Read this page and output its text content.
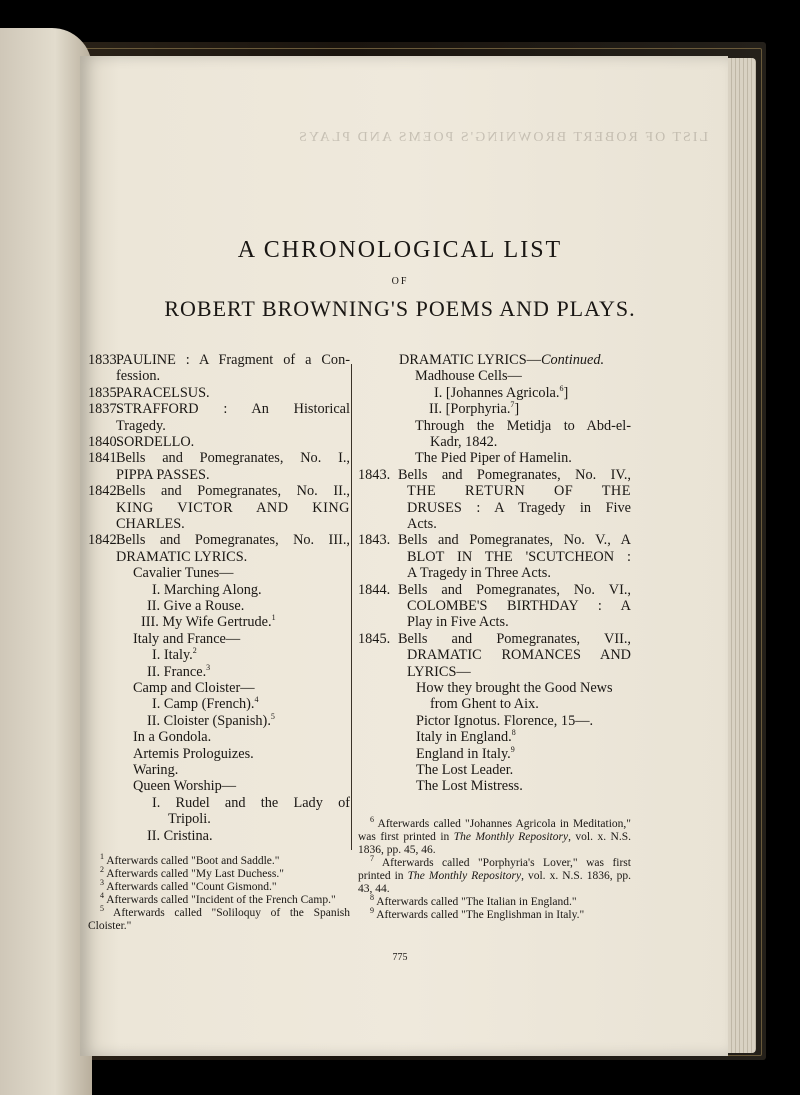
LIST OF ROBERT BROWNING'S POEMS AND PLAYS
A CHRONOLOGICAL LIST
OF
ROBERT BROWNING'S POEMS AND PLAYS.
1833.
PAULINE : A Fragment of a Con-
fession.
1835.
PARACELSUS.
1837.
STRAFFORD : An Historical
Tragedy.
1840.
SORDELLO.
1841.
Bells and Pomegranates, No. I.,
PIPPA PASSES.
1842.
Bells and Pomegranates, No. II.,
KING VICTOR AND KING
CHARLES.
1842.
Bells and Pomegranates, No. III.,
DRAMATIC LYRICS.
Cavalier Tunes—
I. Marching Along.
II. Give a Rouse.
III. My Wife Gertrude.$^1$
Italy and France—
I. Italy.$^2$
II. France.$^3$
Camp and Cloister—
I. Camp (French).$^4$
II. Cloister (Spanish).$^5$
In a Gondola.
Artemis Prologuizes.
Waring.
Queen Worship—
I. Rudel and the Lady of
Tripoli.
II. Cristina.
DRAMATIC LYRICS—Continued.
Madhouse Cells—
I. [Johannes Agricola.$^6$]
II. [Porphyria.$^7$]
Through the Metidja to Abd-el-
Kadr, 1842.
The Pied Piper of Hamelin.
1843. Bells and Pomegranates, No. IV.,
THE RETURN OF THE
DRUSES : A Tragedy in Five
Acts.
1843. Bells and Pomegranates, No. V., A
BLOT IN THE 'SCUTCHEON :
A Tragedy in Three Acts.
1844. Bells and Pomegranates, No. VI.,
COLOMBE'S BIRTHDAY : A
Play in Five Acts.
1845. Bells and Pomegranates, VII.,
DRAMATIC ROMANCES AND
LYRICS—
How they brought the Good News
from Ghent to Aix.
Pictor Ignotus. Florence, 15—.
Italy in England.$^8$
England in Italy.$^9$
The Lost Leader.
The Lost Mistress.

$^1$ Afterwards called "Boot and Saddle."

$^2$ Afterwards called "My Last Duchess."

$^3$ Afterwards called "Count Gismond."

$^4$ Afterwards called "Incident of the French Camp."

$^5$ Afterwards called "Soliloquy of the Spanish Cloister."

$^6$ Afterwards called "Johannes Agricola in Meditation," was first printed in The Monthly Repository, vol. x. N.S. 1836, pp. 45, 46.

$^7$ Afterwards called "Porphyria's Lover," was first printed in The Monthly Repository, vol. x. N.S. 1836, pp. 43, 44.

$^8$ Afterwards called "The Italian in England."

$^9$ Afterwards called "The Englishman in Italy."

775
